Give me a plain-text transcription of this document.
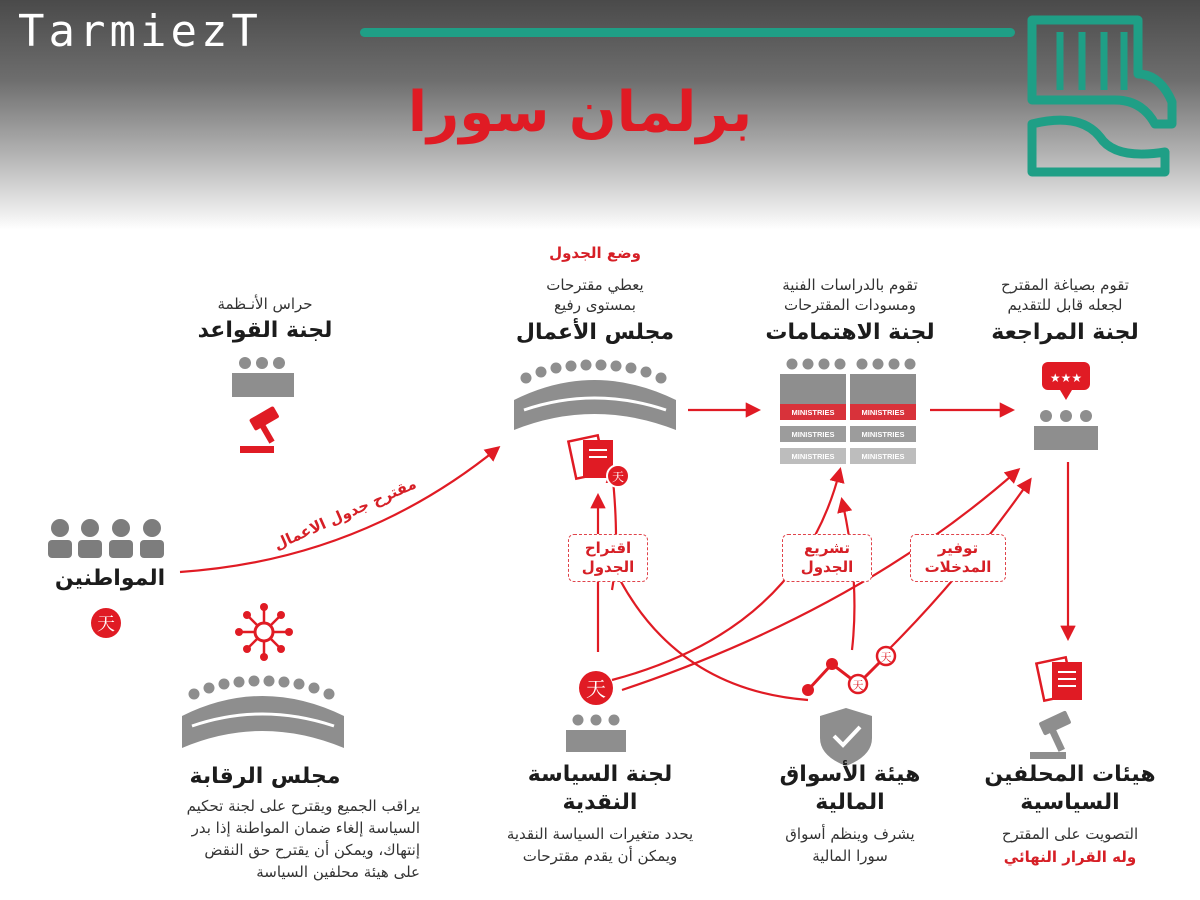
TarmiezT
برلمان سورا
天
天
MINISTRIES	MINISTRIES
MINISTRIES	MINISTRIES
MINISTRIES	MINISTRIES
★★★
天	天
天
حراس الأنـظمة
لجنة القواعد
وضع الجدول
يعطي مقترحات
بمستوى رفيع
مجلس الأعمال
تقوم بالدراسات الفنية
ومسودات المقترحات
لجنة الاهتمامات
تقوم بصياغة المقترح
لجعله قابل للتقديم
لجنة المراجعة
المواطنين
مقترح جدول الاعمال
مجلس الرقابة
يراقب الجميع ويقترح على لجنة تحكيم
السياسة إلغاء ضمان المواطنة إذا بدر
إنتهاك، ويمكن أن يقترح حق النقض
على هيئة محلفين السياسة
لجنة السياسة
النقدية
يحدد متغيرات السياسة النقدية
ويمكن أن يقدم مقترحات
هيئة الأسواق
المالية
يشرف وينظم أسواق
سورا المالية
هيئات المحلفين
السياسية
التصويت على المقترح
وله القرار النهائي
اقتراح
الجدول
تشريع
الجدول
توفير
المدخلات
